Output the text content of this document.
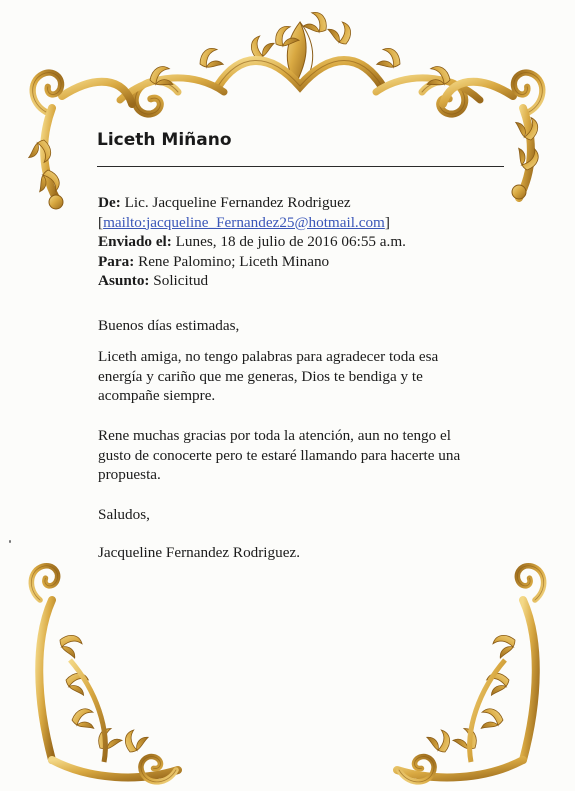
Liceth Miñano
De: Lic. Jacqueline Fernandez Rodriguez
[mailto:jacqueline_Fernandez25@hotmail.com]
Enviado el: Lunes, 18 de julio de 2016 06:55 a.m.
Para: Rene Palomino; Liceth Minano
Asunto: Solicitud

Buenos días estimadas,

Liceth amiga, no tengo palabras para agradecer toda esa
energía y cariño que me generas, Dios te bendiga y te
acompañe siempre.

Rene muchas gracias por toda la atención, aun no tengo el
gusto de conocerte pero te estaré llamando para hacerte una
propuesta.

Saludos,

Jacqueline Fernandez Rodriguez.
